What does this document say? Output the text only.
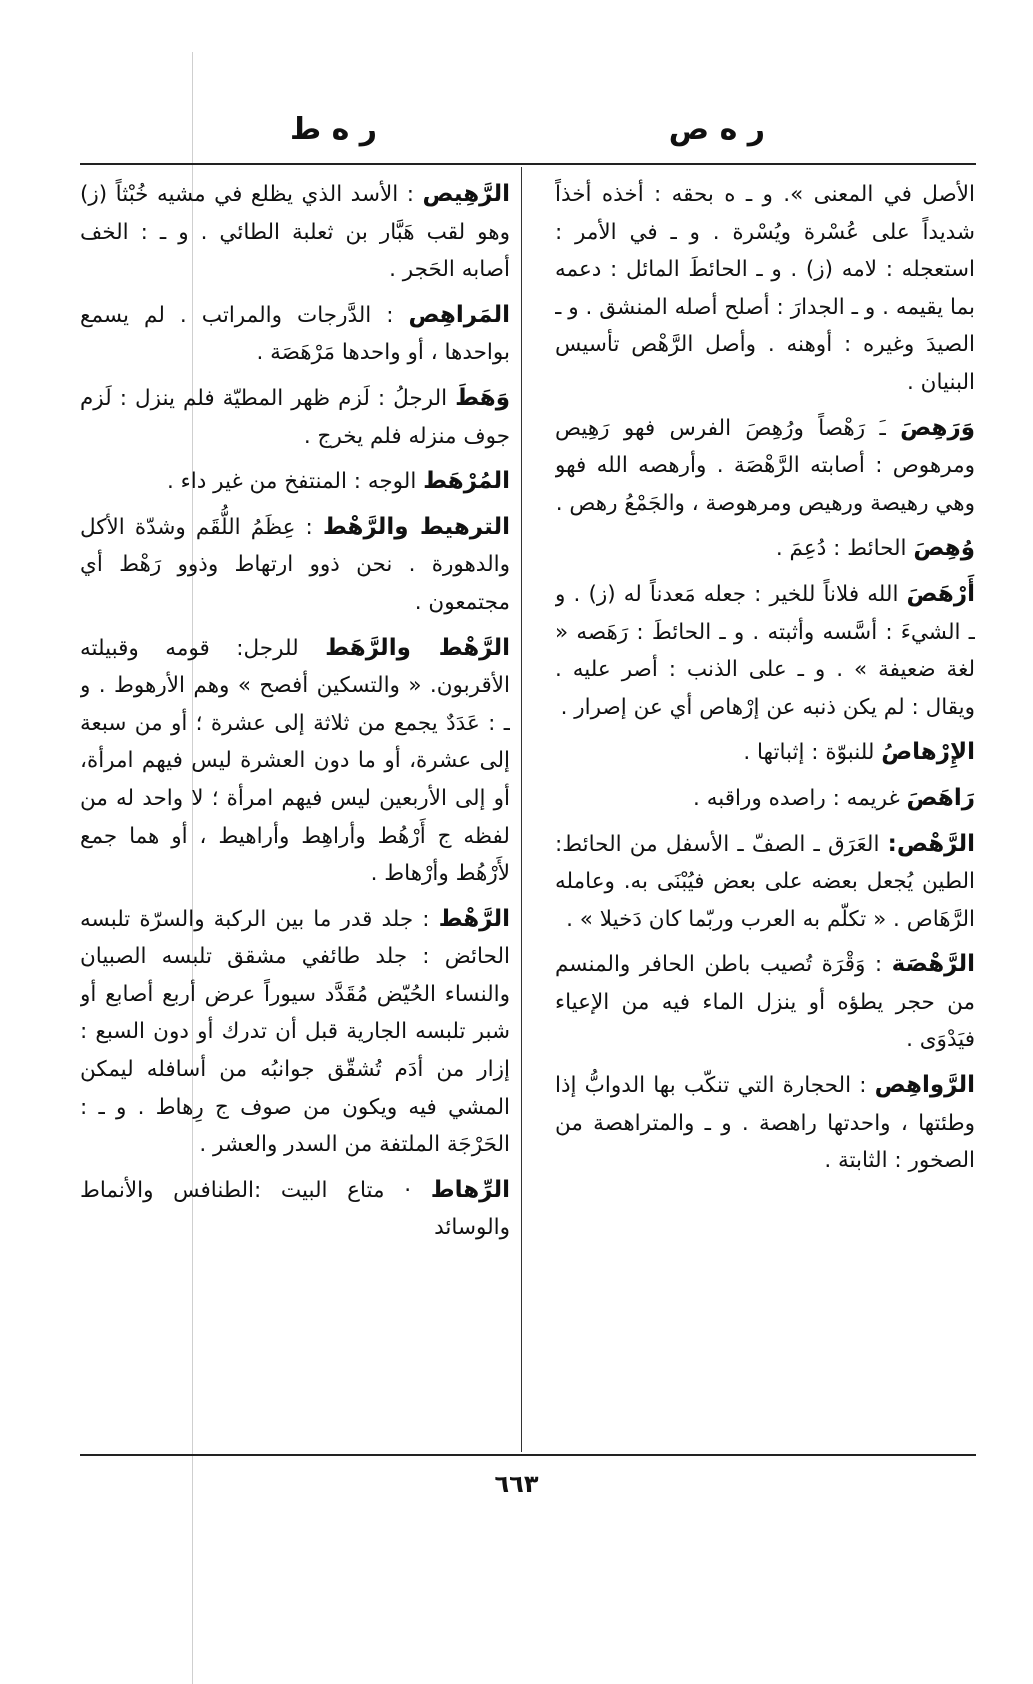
ر ه ص
ر ه ط

الأصل في المعنى ». و ـ ه بحقه : أخذه أخذاً شديداً على عُسْرة ويُسْرة . و ـ في الأمر : استعجله : لامه (ز) . و ـ الحائطَ المائل : دعمه بما يقيمه . و ـ الجدارَ : أصلح أصله المنشق . و ـ الصيدَ وغيره : أوهنه . وأصل الرَّهْص تأسيس البنيان .

وَرَهِصَ ـَ رَهْصاً ورُهِصَ الفرس فهو رَهِيص ومرهوص : أصابته الرَّهْصَة . وأرهصه الله فهو وهي رهيصة ورهيص ومرهوصة ، والجَمْعُ رهص .

وُهِصَ الحائط : دُعِمَ .

أَرْهَصَ الله فلاناً للخير : جعله مَعدناً له (ز) . و ـ الشيءَ : أسَّسه وأثبته . و ـ الحائطَ : رَهَصه « لغة ضعيفة » . و ـ على الذنب : أصر عليه . ويقال : لم يكن ذنبه عن إرْهاص أي عن إصرار .

الإِرْهاصُ للنبوّة : إثباتها .

رَاهَصَ غريمه : راصده وراقبه .

الرَّهْص: العَرَق ـ الصفّ ـ الأسفل من الحائط: الطين يُجعل بعضه على بعض فيُبْنَى به. وعامله الرَّهَاص . « تكلّم به العرب وربّما كان دَخيلا » .

الرَّهْصَة : وَقْرَة تُصيب باطن الحافر والمنسم من حجر يطؤه أو ينزل الماء فيه من الإعياء فيَدْوَى .

الرَّواهِص : الحجارة التي تنكّب بها الدوابُّ إذا وطئتها ، واحدتها راهصة . و ـ والمتراهصة من الصخور : الثابتة .

الرَّهِيص : الأسد الذي يظلع في مشيه خُبْثاً (ز) وهو لقب هَبَّار بن ثعلبة الطائي . و ـ : الخف أصابه الحَجر .

المَراهِص : الدَّرجات والمراتب . لم يسمع بواحدها ، أو واحدها مَرْهَصَة .

وَهَطَ الرجلُ : لَزم ظهر المطيّة فلم ينزل : لَزم جوف منزله فلم يخرج .

المُرْهَط الوجه : المنتفخ من غير داء .

الترهيط والرَّهْط : عِظَمُ اللُّقَم وشدّة الأكل والدهورة . نحن ذوو ارتهاط وذوو رَهْط أي مجتمعون .

الرَّهْط والرَّهَط للرجل: قومه وقبيلته الأقربون. « والتسكين أفصح » وهم الأرهوط . و ـ : عَدَدٌ يجمع من ثلاثة إلى عشرة ؛ أو من سبعة إلى عشرة، أو ما دون العشرة ليس فيهم امرأة، أو إلى الأربعين ليس فيهم امرأة ؛ لا واحد له من لفظه ج أَرْهُط وأراهِط وأراهيط ، أو هما جمع لأَرْهُط وأرْهاط .

الرَّهْط : جلد قدر ما بين الركبة والسرّة تلبسه الحائض : جلد طائفي مشقق تلبسه الصبيان والنساء الحُيّض مُقَدَّد سيوراً عرض أربع أصابع أو شبر تلبسه الجارية قبل أن تدرك أو دون السبع : إزار من أدَم تُشقّق جوانبُه من أسافله ليمكن المشي فيه ويكون من صوف ج رِهاط . و ـ : الحَرْجَة الملتفة من السدر والعشر .

الرِّهاط · متاع البيت :الطنافس والأنماط والوسائد

٦٦٣
